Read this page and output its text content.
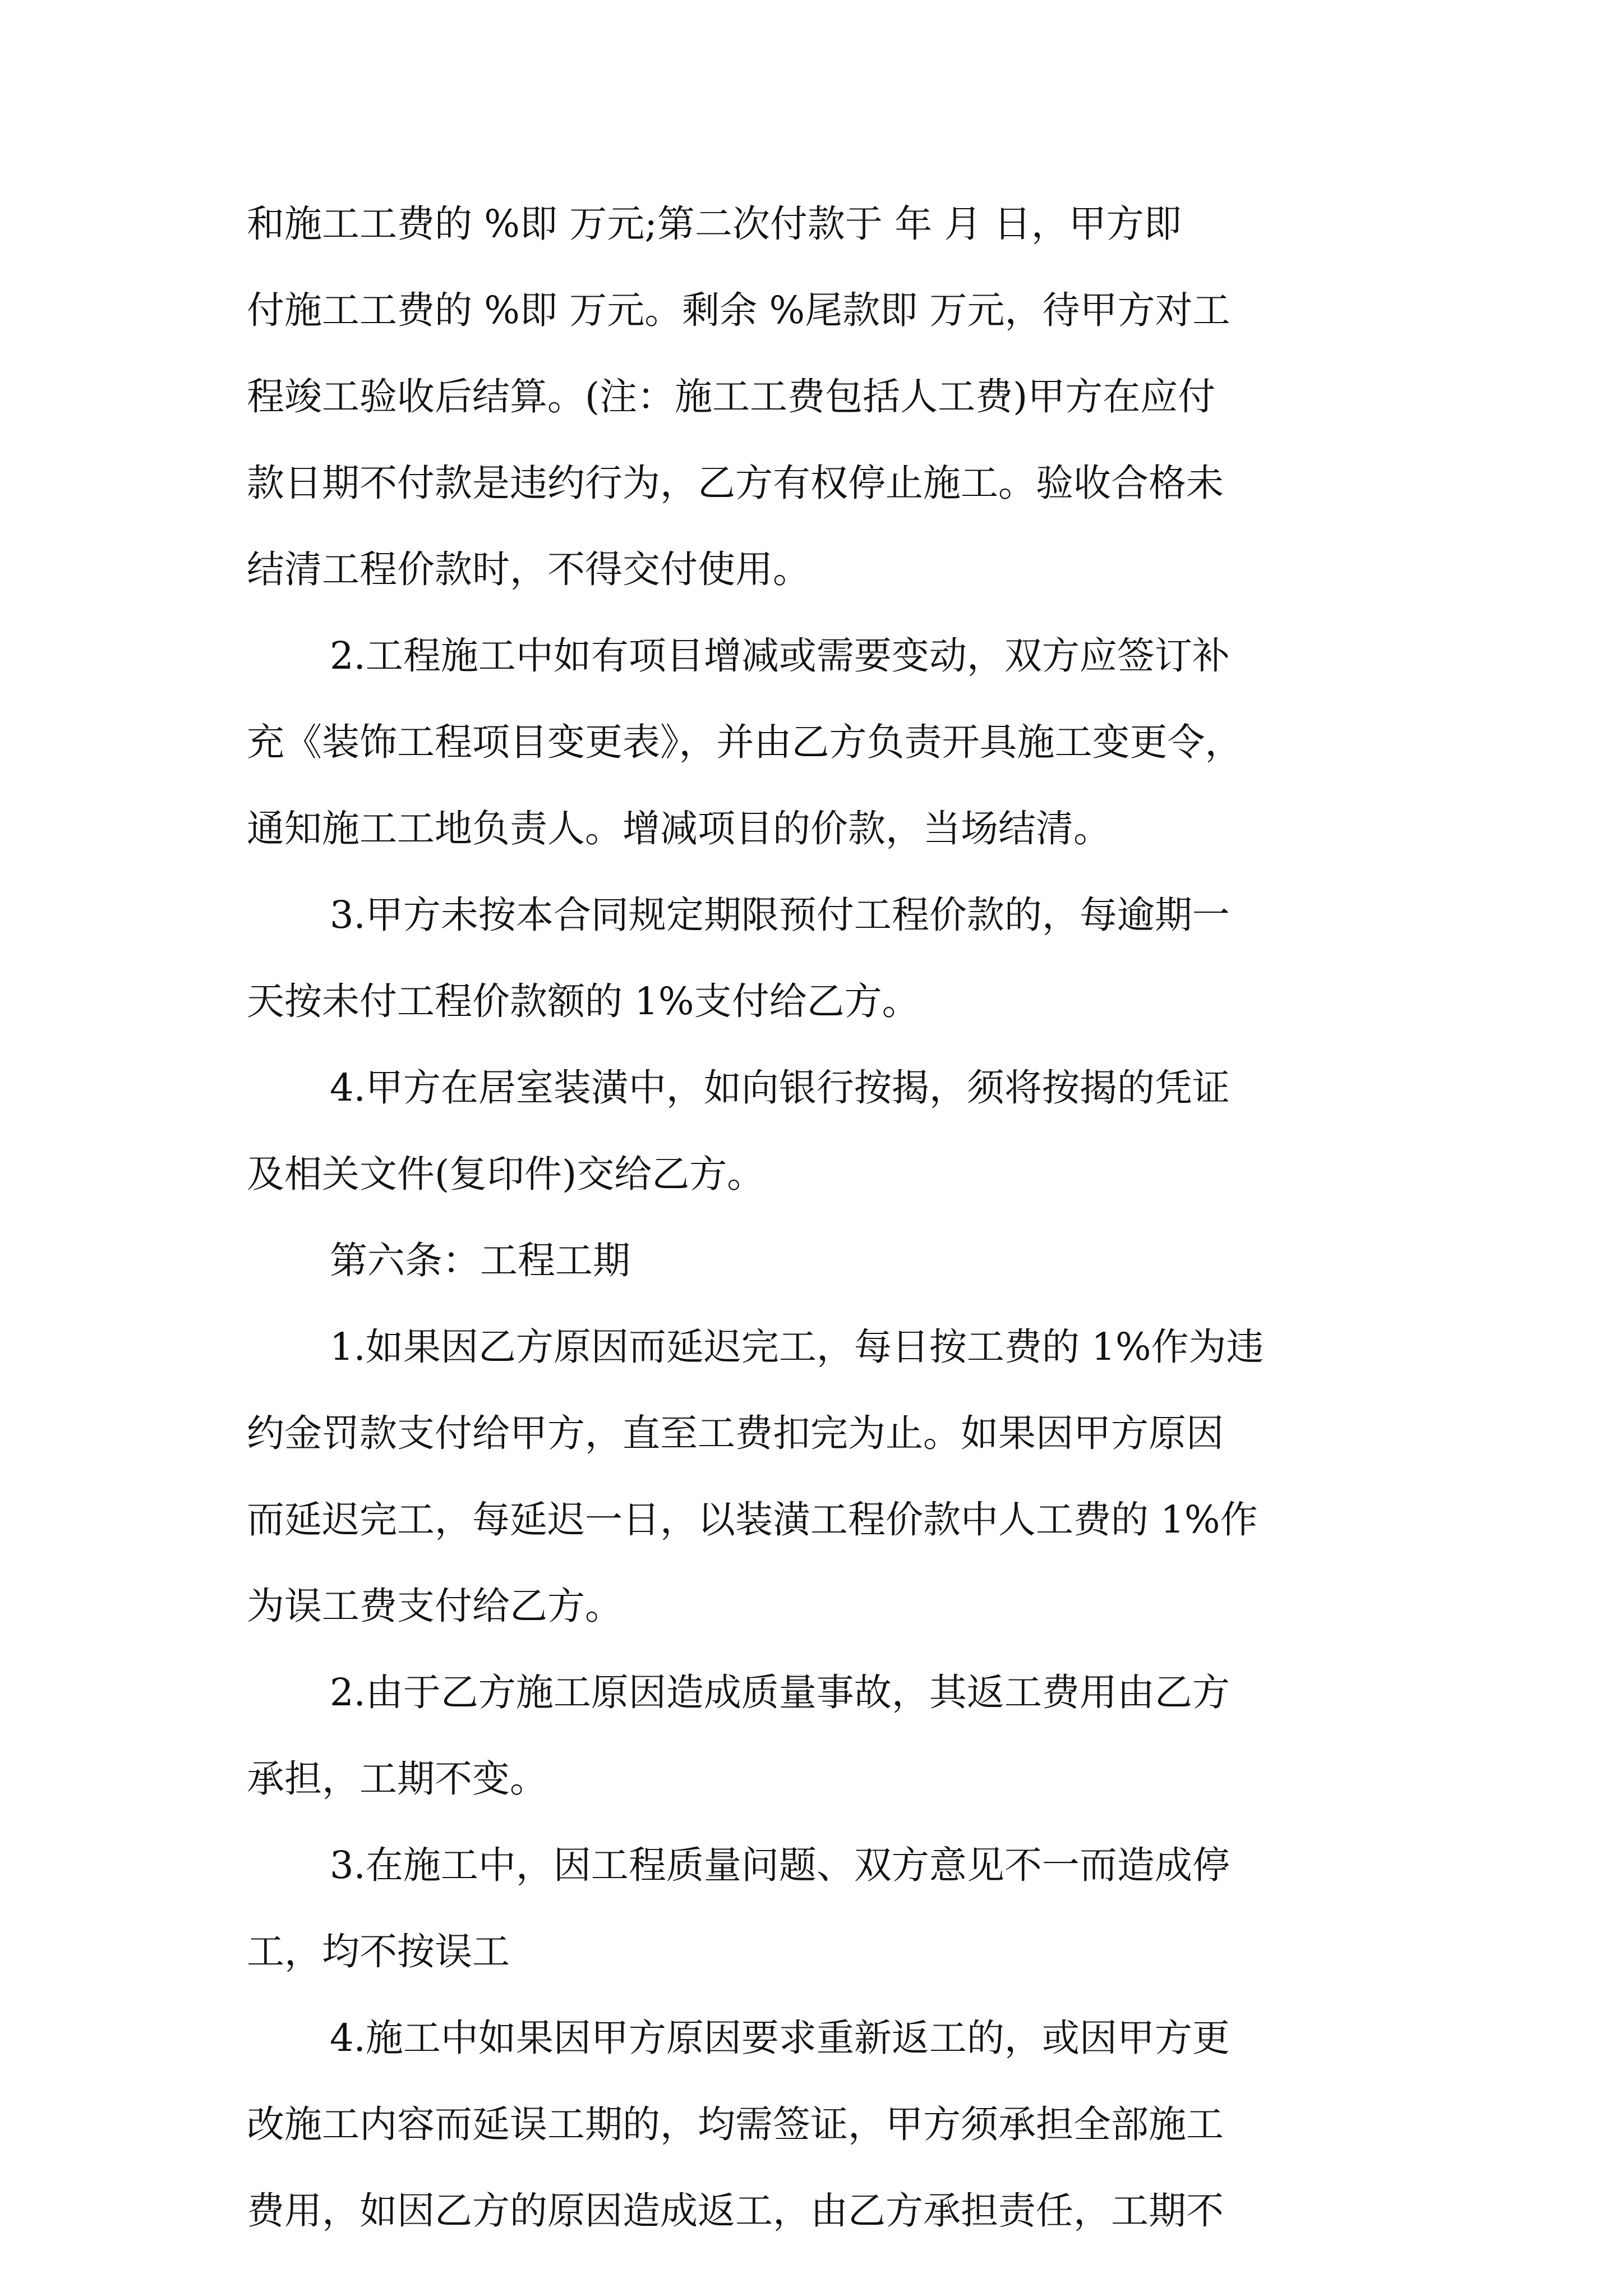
和施工工费的 %即 万元;第二次付款于 年 月 日，甲方即
付施工工费的 %即 万元。剩余 %尾款即 万元，待甲方对工
程竣工验收后结算。(注：施工工费包括人工费)甲方在应付
款日期不付款是违约行为，乙方有权停止施工。验收合格未
结清工程价款时，不得交付使用。
2.工程施工中如有项目增减或需要变动，双方应签订补
充《装饰工程项目变更表》，并由乙方负责开具施工变更令，
通知施工工地负责人。增减项目的价款，当场结清。
3.甲方未按本合同规定期限预付工程价款的，每逾期一
天按未付工程价款额的 1%支付给乙方。
4.甲方在居室装潢中，如向银行按揭，须将按揭的凭证
及相关文件(复印件)交给乙方。
第六条：工程工期
1.如果因乙方原因而延迟完工，每日按工费的 1%作为违
约金罚款支付给甲方，直至工费扣完为止。如果因甲方原因
而延迟完工，每延迟一日，以装潢工程价款中人工费的 1%作
为误工费支付给乙方。
2.由于乙方施工原因造成质量事故，其返工费用由乙方
承担，工期不变。
3.在施工中，因工程质量问题、双方意见不一而造成停
工，均不按误工
4.施工中如果因甲方原因要求重新返工的，或因甲方更
改施工内容而延误工期的，均需签证，甲方须承担全部施工
费用，如因乙方的原因造成返工，由乙方承担责任，工期不
